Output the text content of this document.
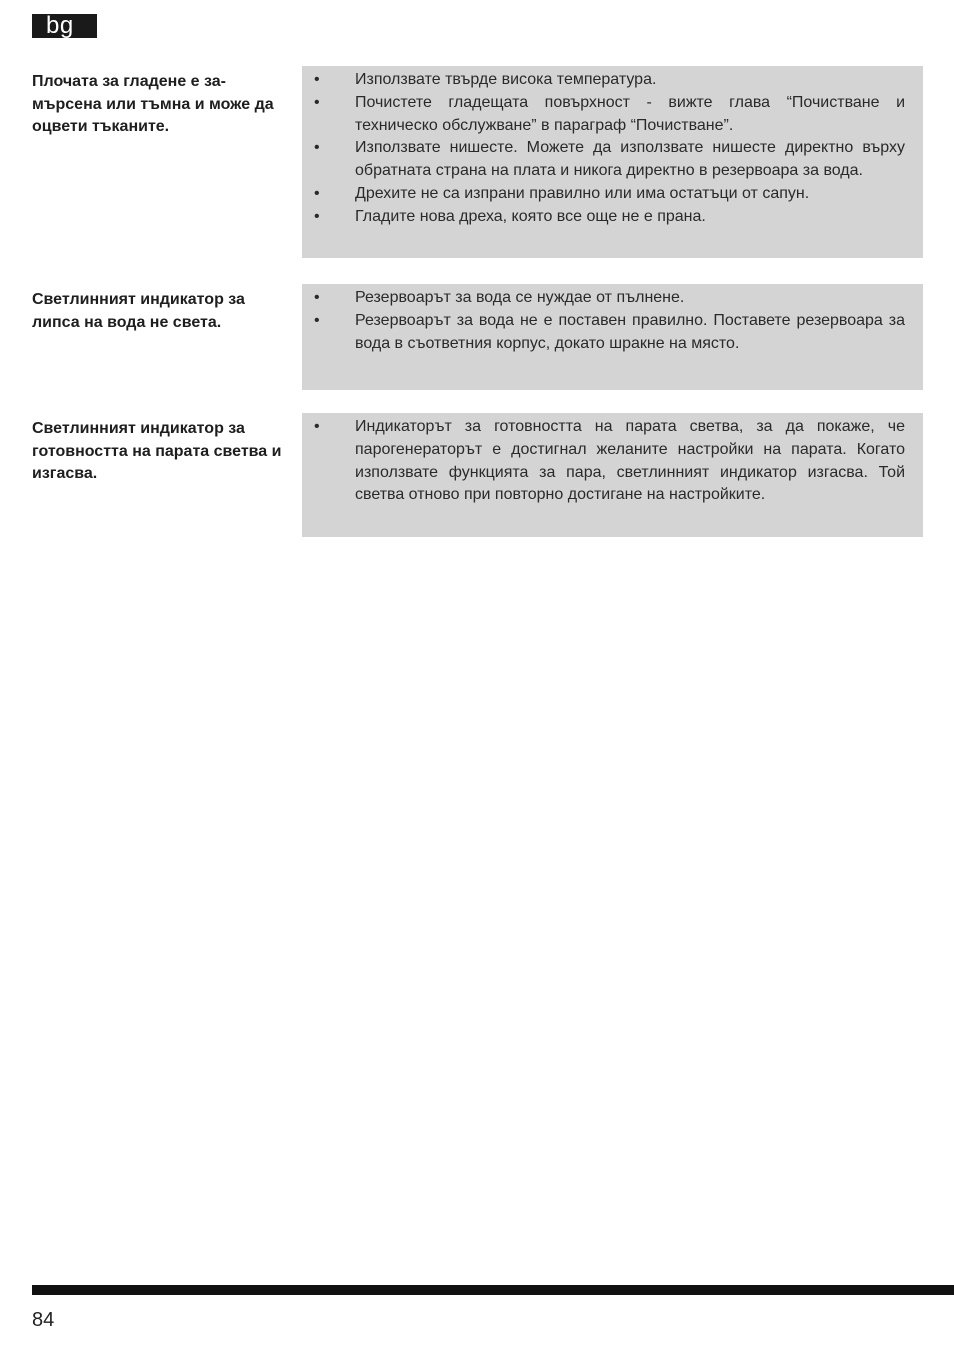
bg
Плочата за гладене е за-мърсена или тъмна и може да оцвети тъканите.
•	Използвате твърде висока температура.
•	Почистете гладещата повърхност - вижте глава “Почистване и техническо обслужване” в параграф “Почистване”.
•	Използвате нишесте. Можете да използвате нишесте директно върху обратната страна на плата и никога директно в резервоара за вода.
•	Дрехите не са изпрани правилно или има остатъци от сапун.
•	Гладите нова дреха, която все още не е прана.
Светлинният индикатор за липса на вода не света.
•	Резервоарът за вода се нуждае от пълнене.
•	Резервоарът за вода не е поставен правилно. Поставете резервоара за вода в съответния корпус, докато шракне на място.
Светлинният индикатор за готовността на парата светва и изгасва.
•	Индикаторът за готовността на парата светва, за да покаже, че парогенераторът е достигнал желаните настройки на парата. Когато използвате функцията за пара, светлинният индикатор изгасва. Той светва отново при повторно достигане на настройките.
84
